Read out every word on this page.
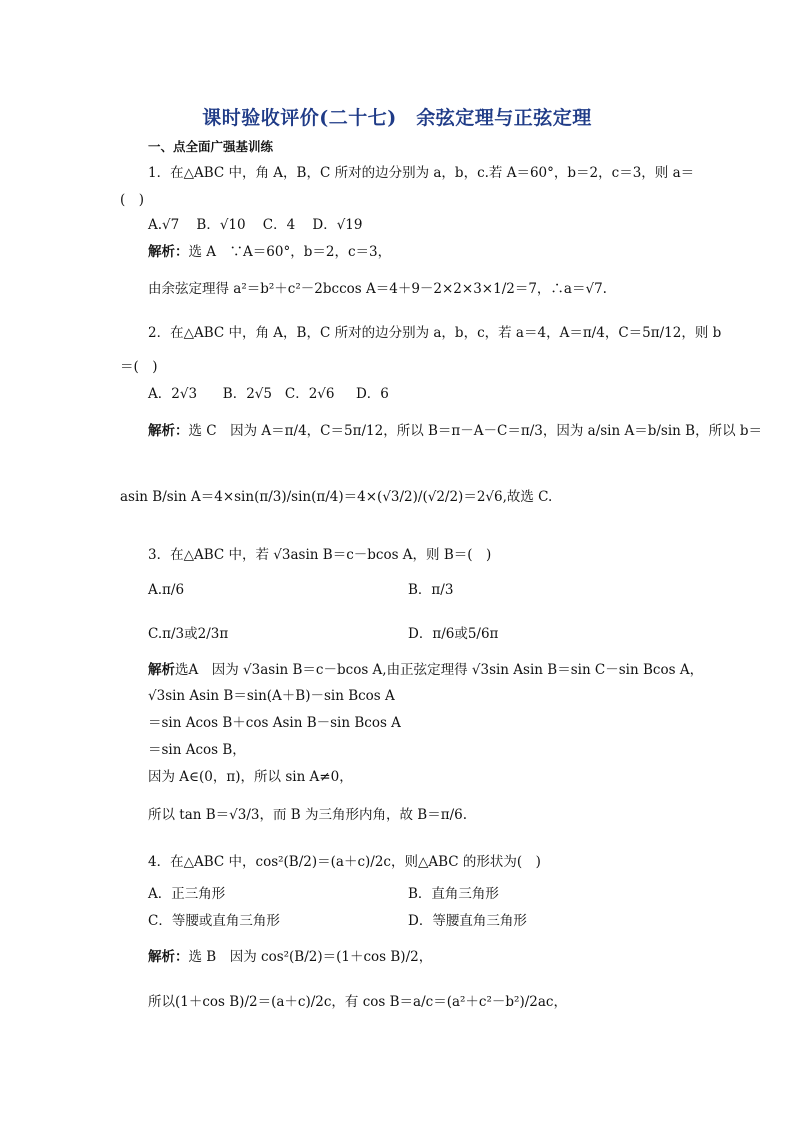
课时验收评价(二十七)　余弦定理与正弦定理
一、点全面广强基训练
1．在△ABC 中，角 A，B，C 所对的边分别为 a，b，c.若 A＝60°，b＝2，c＝3，则 a＝
(　)
A.√7 B．√10 C．4 D．√19
解析：选 A　∵A＝60°，b＝2，c＝3，
由余弦定理得 a²＝b²＋c²－2bccos A＝4＋9－2×2×3×1/2＝7，∴a＝√7.
2．在△ABC 中，角 A，B，C 所对的边分别为 a，b，c，若 a＝4，A＝π/4，C＝5π/12，则 b
＝(　)
A．2√3 B．2√5 C．2√6 D．6
解析：选 C　因为 A＝π/4，C＝5π/12，所以 B＝π－A－C＝π/3，因为 a/sin A＝b/sin B，所以 b＝
asin B/sin A＝4×sin(π/3)/sin(π/4)＝4×(√3/2)/(√2/2)＝2√6,故选 C.
3．在△ABC 中，若 √3asin B＝c－bcos A，则 B＝(　)
A.π/6	B．π/3
C.π/3或2/3π	D．π/6或5/6π
解析选A　因为 √3asin B＝c－bcos A,由正弦定理得 √3sin Asin B＝sin C－sin Bcos A，
√3sin Asin B＝sin(A＋B)－sin Bcos A
＝sin Acos B＋cos Asin B－sin Bcos A
＝sin Acos B，
因为 A∈(0，π)，所以 sin A≠0，
所以 tan B＝√3/3，而 B 为三角形内角，故 B＝π/6.
4．在△ABC 中，cos²(B/2)＝(a＋c)/2c，则△ABC 的形状为(　)
A．正三角形	B．直角三角形
C．等腰或直角三角形	D．等腰直角三角形
解析：选 B　因为 cos²(B/2)＝(1＋cos B)/2，
所以(1＋cos B)/2＝(a＋c)/2c，有 cos B＝a/c＝(a²＋c²－b²)/2ac，
